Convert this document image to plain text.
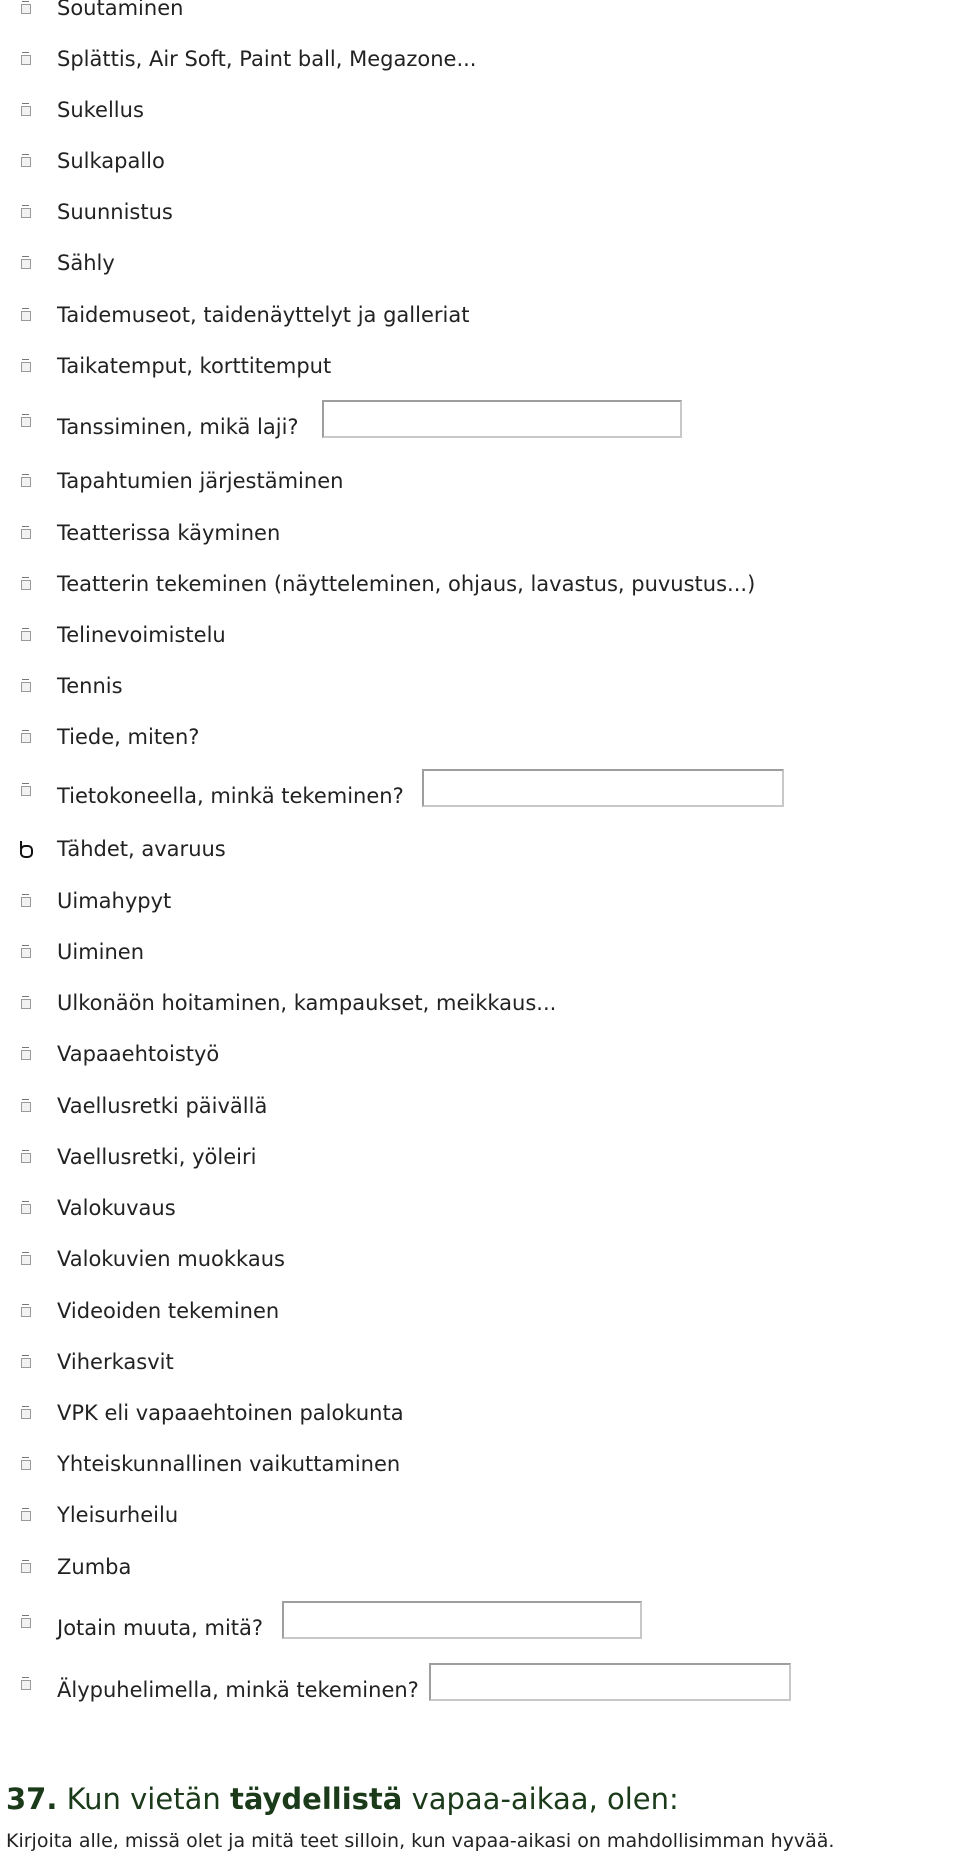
Soutaminen
Splättis, Air Soft, Paint ball, Megazone...
Sukellus
Sulkapallo
Suunnistus
Sähly
Taidemuseot, taidenäyttelyt ja galleriat
Taikatemput, korttitemput
Tanssiminen, mikä laji?
Tapahtumien järjestäminen
Teatterissa käyminen
Teatterin tekeminen (näytteleminen, ohjaus, lavastus, puvustus...)
Telinevoimistelu
Tennis
Tiede, miten?
Tietokoneella, minkä tekeminen?
Tähdet, avaruus
Uimahypyt
Uiminen
Ulkonäön hoitaminen, kampaukset, meikkaus...
Vapaaehtoistyö
Vaellusretki päivällä
Vaellusretki, yöleiri
Valokuvaus
Valokuvien muokkaus
Videoiden tekeminen
Viherkasvit
VPK eli vapaaehtoinen palokunta
Yhteiskunnallinen vaikuttaminen
Yleisurheilu
Zumba
Jotain muuta, mitä?
Älypuhelimella, minkä tekeminen?
37. Kun vietän täydellistä vapaa-aikaa, olen:
Kirjoita alle, missä olet ja mitä teet silloin, kun vapaa-aikasi on mahdollisimman hyvää.
